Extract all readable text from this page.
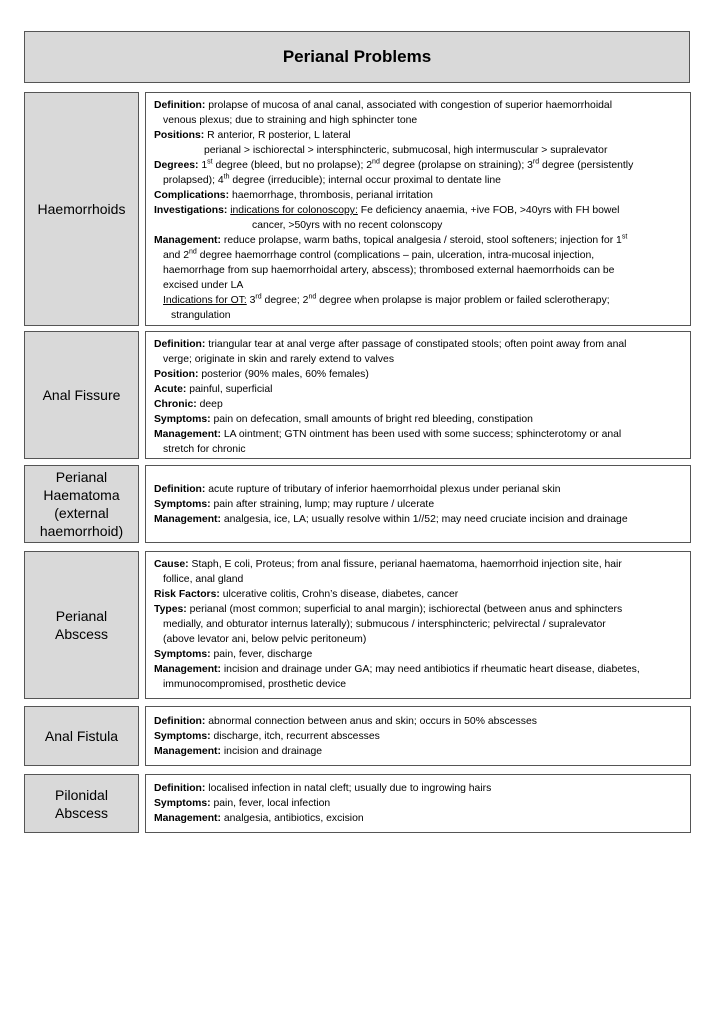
Perianal Problems
Haemorrhoids
Definition: prolapse of mucosa of anal canal, associated with congestion of superior haemorrhoidal
venous plexus; due to straining and high sphincter tone
Positions: R anterior, R posterior, L lateral
perianal > ischiorectal > intersphincteric, submucosal, high intermuscular > supralevator
Degrees: 1st degree (bleed, but no prolapse); 2nd degree (prolapse on straining); 3rd degree (persistently
prolapsed); 4th degree (irreducible); internal occur proximal to dentate line
Complications: haemorrhage, thrombosis, perianal irritation
Investigations: indications for colonoscopy: Fe deficiency anaemia, +ive FOB, >40yrs with FH bowel
cancer, >50yrs with no recent colonscopy
Management: reduce prolapse, warm baths, topical analgesia / steroid, stool softeners; injection for 1st
and 2nd degree haemorrhage control (complications – pain, ulceration, intra-mucosal injection,
haemorrhage from sup haemorrhoidal artery, abscess); thrombosed external haemorrhoids can be
excised under LA
Indications for OT: 3rd degree; 2nd degree when prolapse is major problem or failed sclerotherapy;
strangulation
Anal Fissure
Definition: triangular tear at anal verge after passage of constipated stools; often point away from anal
verge; originate in skin and rarely extend to valves
Position: posterior (90% males, 60% females)
Acute: painful, superficial
Chronic: deep
Symptoms: pain on defecation, small amounts of bright red bleeding, constipation
Management: LA ointment; GTN ointment has been used with some success; sphincterotomy or anal
stretch for chronic
Perianal
Haematoma
(external
haemorrhoid)
Definition: acute rupture of tributary of inferior haemorrhoidal plexus under perianal skin
Symptoms: pain after straining, lump; may rupture / ulcerate
Management: analgesia, ice, LA; usually resolve within 1//52; may need cruciate incision and drainage
Perianal
Abscess
Cause: Staph, E coli, Proteus; from anal fissure, perianal haematoma, haemorrhoid injection site, hair
follice, anal gland
Risk Factors: ulcerative colitis, Crohn’s disease, diabetes, cancer
Types: perianal (most common; superficial to anal margin); ischiorectal (between anus and sphincters
medially, and obturator internus laterally); submucous / intersphincteric; pelvirectal / supralevator
(above levator ani, below pelvic peritoneum)
Symptoms: pain, fever, discharge
Management: incision and drainage under GA; may need antibiotics if rheumatic heart disease, diabetes,
immunocompromised, prosthetic device
Anal Fistula
Definition: abnormal connection between anus and skin; occurs in 50% abscesses
Symptoms: discharge, itch, recurrent abscesses
Management: incision and drainage
Pilonidal
Abscess
Definition: localised infection in natal cleft; usually due to ingrowing hairs
Symptoms: pain, fever, local infection
Management: analgesia, antibiotics, excision
